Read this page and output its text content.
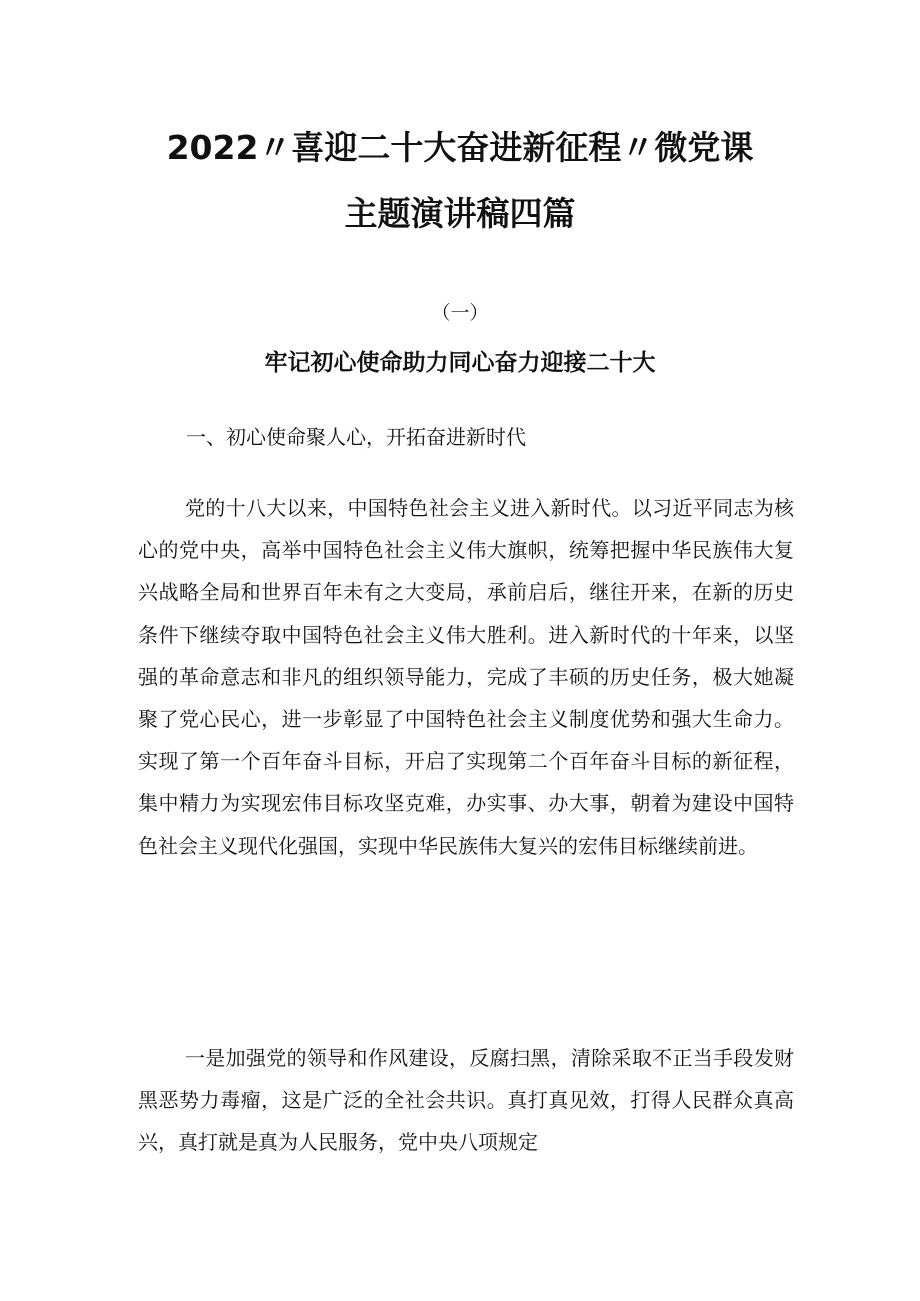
2022〃喜迎二十大奋进新征程〃微党课
主题演讲稿四篇
（一）
牢记初心使命助力同心奋力迎接二十大
一、初心使命聚人心，开拓奋进新时代

党的十八大以来，中国特色社会主义进入新时代。以习近平同志为核心的党中央，高举中国特色社会主义伟大旗帜，统筹把握中华民族伟大复兴战略全局和世界百年未有之大变局，承前启后，继往开来，在新的历史条件下继续夺取中国特色社会主义伟大胜利。进入新时代的十年来，以坚强的革命意志和非凡的组织领导能力，完成了丰硕的历史任务，极大她凝聚了党心民心，进一步彰显了中国特色社会主义制度优势和强大生命力。实现了第一个百年奋斗目标，开启了实现第二个百年奋斗目标的新征程，集中精力为实现宏伟目标攻坚克难，办实事、办大事，朝着为建设中国特色社会主义现代化强国，实现中华民族伟大复兴的宏伟目标继续前进。

一是加强党的领导和作风建设，反腐扫黑，清除采取不正当手段发财黑恶势力毒瘤，这是广泛的全社会共识。真打真见效，打得人民群众真高兴，真打就是真为人民服务，党中央八项规定
